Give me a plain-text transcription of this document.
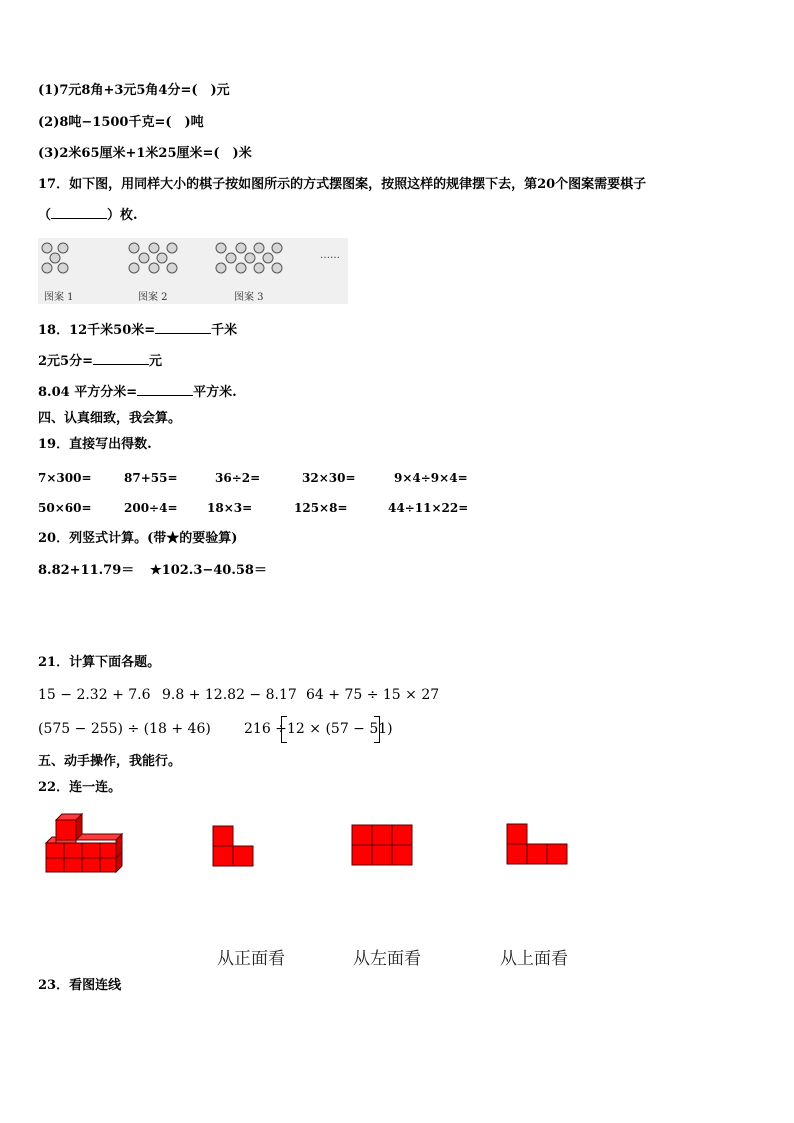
(1)7元8角+3元5角4分=(　)元
(2)8吨−1500千克=(　)吨
(3)2米65厘米+1米25厘米=(　)米
17．如下图，用同样大小的棋子按如图所示的方式摆图案，按照这样的规律摆下去，第20个图案需要棋子
（	）枚.
图案 1	图案 2	图案 3
……
18．12千米50米=	千米
2元5分=	元
8.04 平方分米=	平方米.
四、认真细致，我会算。
19．直接写出得数.
7×300=	87+55=	36÷2=	32×30=	9×4÷9×4=
50×60=	200÷4= 18×3=	125×8=	44÷11×22=
20．列竖式计算。(带★的要验算)
8.82+11.79＝ ★102.3−40.58＝
21．计算下面各题。
15 − 2.32 + 7.6 9.8 + 12.82 − 8.17 64 + 75 ÷ 15 × 27
(575 − 255) ÷ (18 + 46) 216 ÷ 12 × (57 − 51)
五、动手操作，我能行。
22．连一连。
从正面看	从左面看	从上面看
23．看图连线
